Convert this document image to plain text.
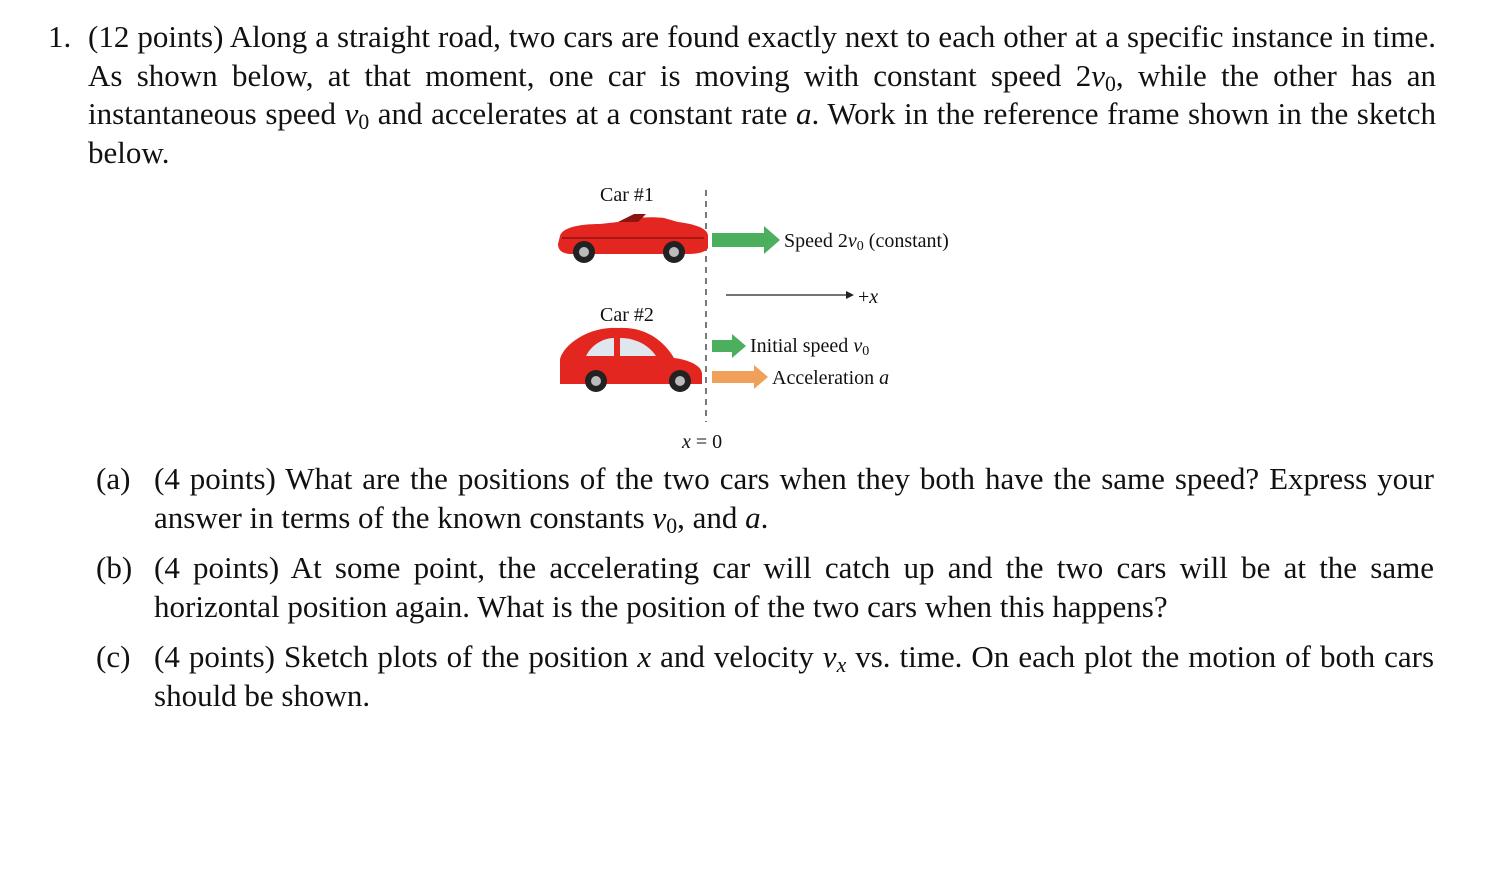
1. (12 points) Along a straight road, two cars are found exactly next to each other at a specific instance in time. As shown below, at that moment, one car is moving with constant speed $2v_0$, while the other has an instantaneous speed $v_0$ and accelerates at a constant rate a. Work in the reference frame shown in the sketch below.
Car #1
Speed $2v_0$ (constant)
+x
Car #2
Initial speed $v_0$
Acceleration a
x = 0
(a) (4 points) What are the positions of the two cars when they both have the same speed? Express your answer in terms of the known constants $v_0$, and a.
(b) (4 points) At some point, the accelerating car will catch up and the two cars will be at the same horizontal position again. What is the position of the two cars when this happens?
(c) (4 points) Sketch plots of the position x and velocity $v_x$ vs. time. On each plot the motion of both cars should be shown.
